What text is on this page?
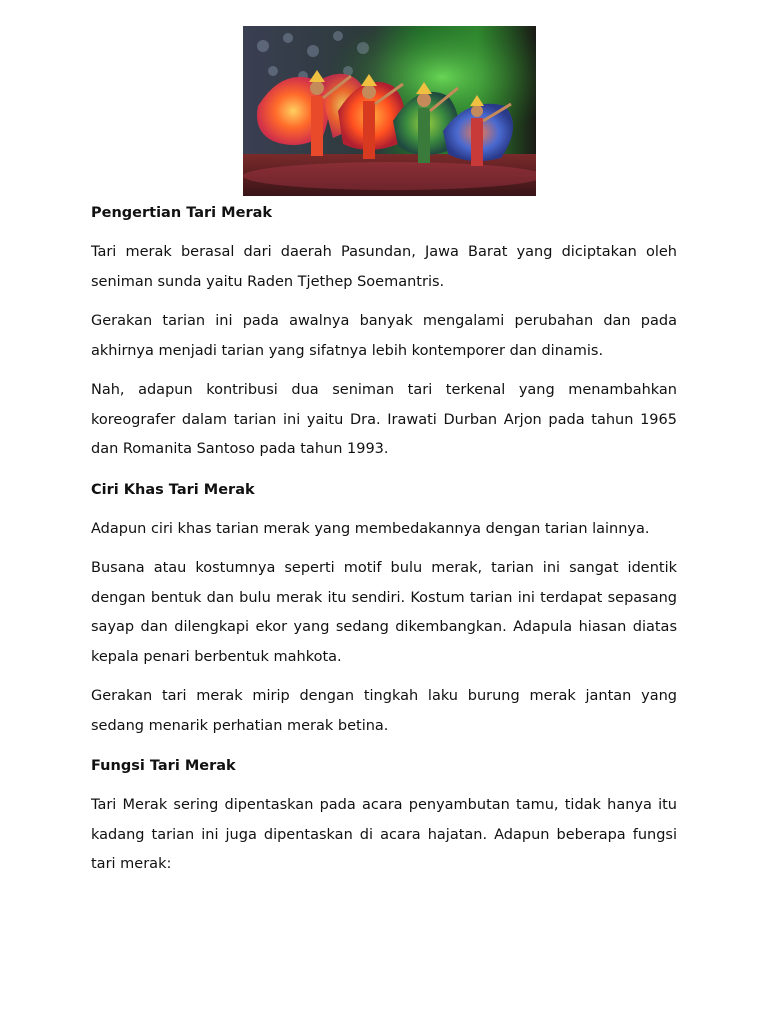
Pengertian Tari Merak

Tari merak berasal dari daerah Pasundan, Jawa Barat yang diciptakan oleh seniman sunda yaitu Raden Tjethep Soemantris.

Gerakan tarian ini pada awalnya banyak mengalami perubahan dan pada akhirnya menjadi tarian yang sifatnya lebih kontemporer dan dinamis.

Nah, adapun kontribusi dua seniman tari terkenal yang menambahkan koreografer dalam tarian ini yaitu Dra. Irawati Durban Arjon pada tahun 1965 dan Romanita Santoso pada tahun 1993.

Ciri Khas Tari Merak

Adapun ciri khas tarian merak yang membedakannya dengan tarian lainnya.

Busana atau kostumnya seperti motif bulu merak, tarian ini sangat identik dengan bentuk dan bulu merak itu sendiri. Kostum tarian ini terdapat sepasang sayap dan dilengkapi ekor yang sedang dikembangkan. Adapula hiasan diatas kepala penari berbentuk mahkota.

Gerakan tari merak mirip dengan tingkah laku burung merak jantan yang sedang menarik perhatian merak betina.

Fungsi Tari Merak

Tari Merak sering dipentaskan pada acara penyambutan tamu, tidak hanya itu kadang tarian ini juga dipentaskan di acara hajatan. Adapun beberapa fungsi tari merak:
